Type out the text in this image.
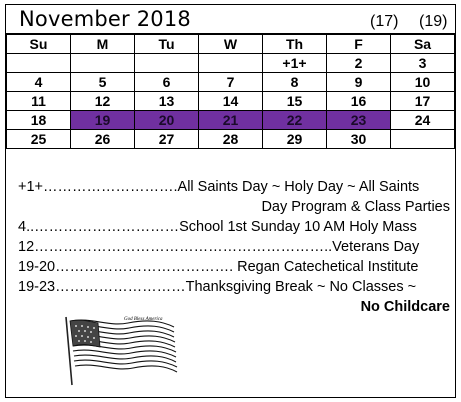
November 2018	(17) (19)
Su	M	Tu	W	Th	F	Sa
				+1+	2	3
4	5	6	7	8	9	10
11	12	13	14	15	16	17
18	19	20	21	22	23	24
25	26	27	28	29	30	
+1+……………………….All Saints Day ~ Holy Day ~ All Saints
Day Program & Class Parties
4..…………………………School 1st Sunday 10 AM Holy Mass
12……………………………………………………..Veterans Day
19-20………………………………. Regan Catechetical Institute
19-23………………………Thanksgiving Break ~ No Classes ~
No Childcare
God Bless America
